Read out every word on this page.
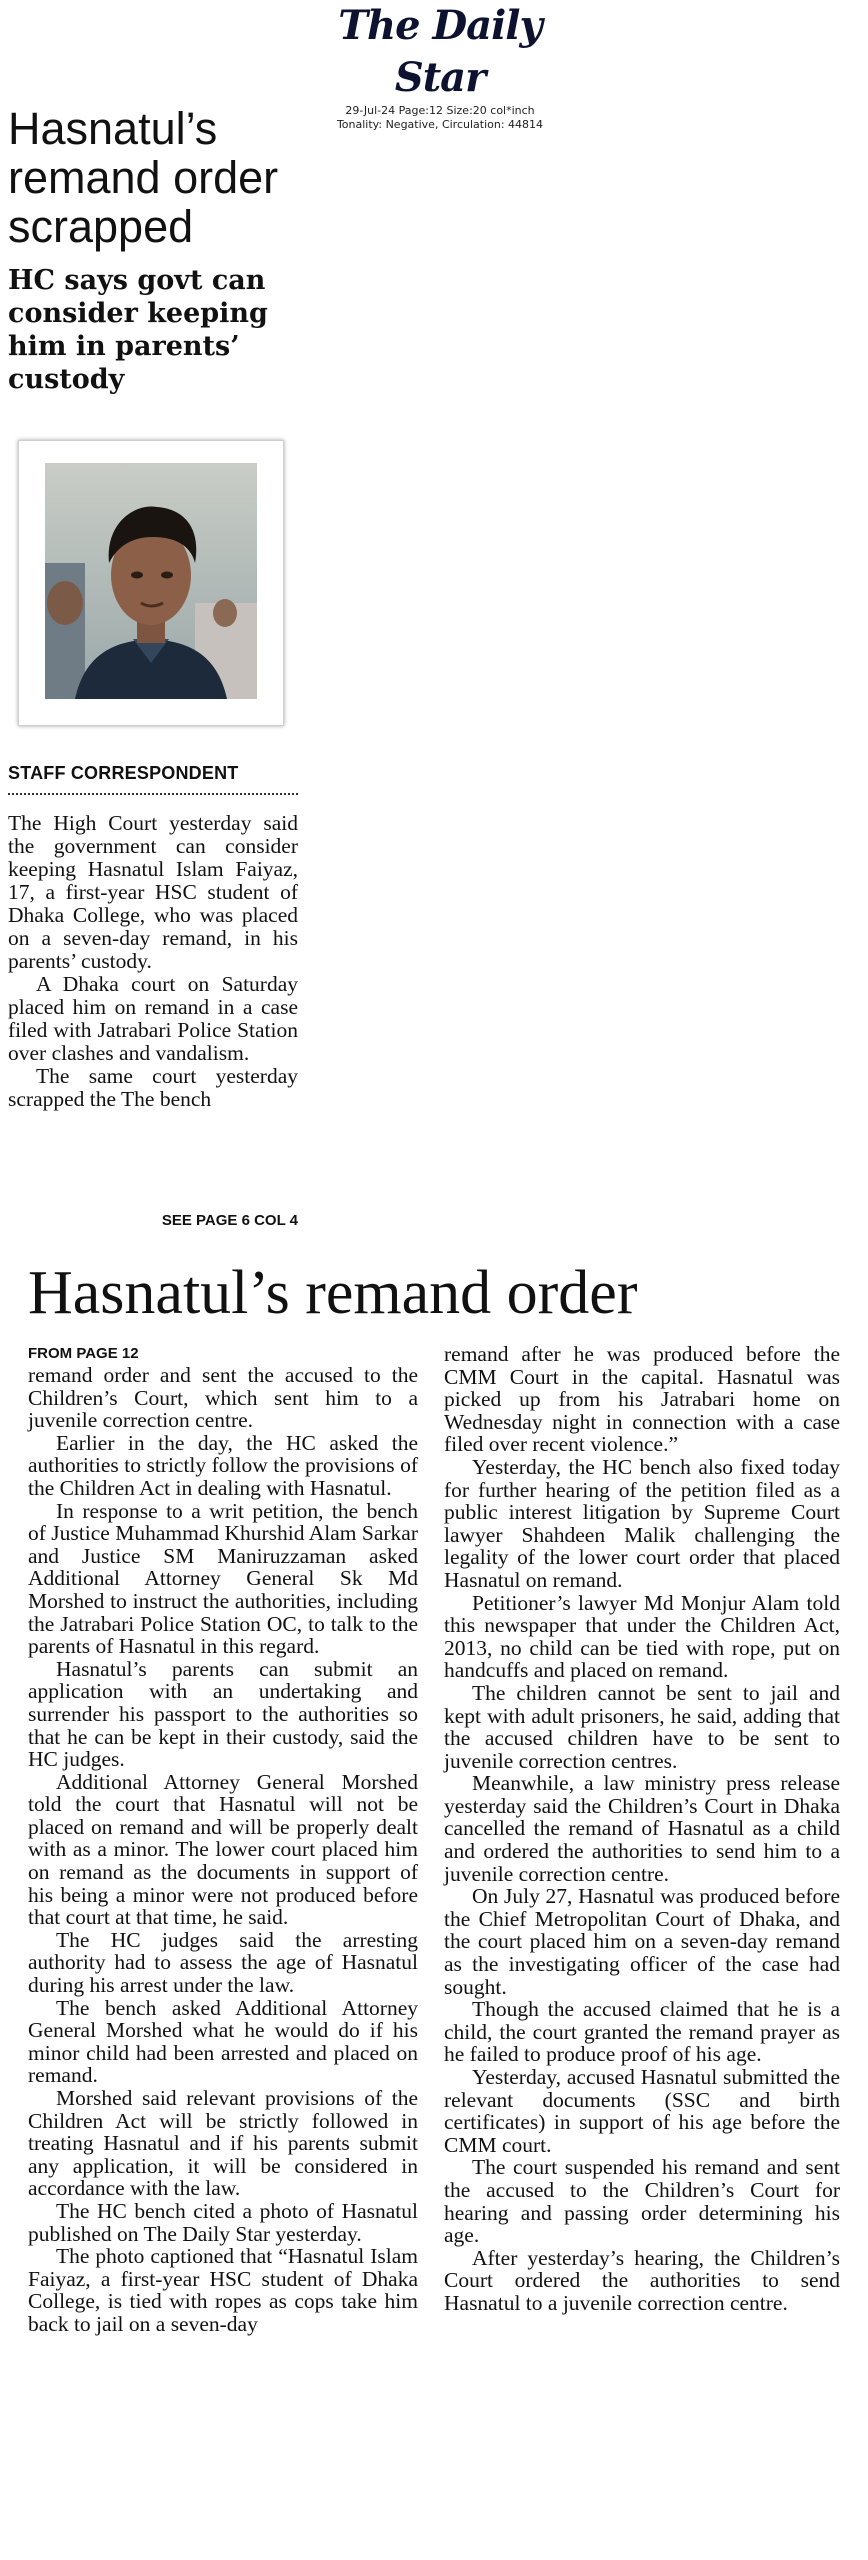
The Daily Star
29-Jul-24 Page:12 Size:20 col*inch
Tonality: Negative, Circulation: 44814
Hasnatul’s remand order scrapped
HC says govt can consider keeping him in parents’ custody
STAFF CORRESPONDENT

The High Court yesterday said the government can consider keeping Hasnatul Islam Faiyaz, 17, a first-year HSC student of Dhaka College, who was placed on a seven-day remand, in his parents’ custody.

A Dhaka court on Saturday placed him on remand in a case filed with Jatrabari Police Station over clashes and vandalism.

The same court yesterday scrapped the The bench

SEE PAGE 6 COL 4
Hasnatul’s remand order
FROM PAGE 12

remand order and sent the accused to the Children’s Court, which sent him to a juvenile correction centre.

Earlier in the day, the HC asked the authorities to strictly follow the provisions of the Children Act in dealing with Hasnatul.

In response to a writ petition, the bench of Justice Muhammad Khurshid Alam Sarkar and Justice SM Maniruzzaman asked Additional Attorney General Sk Md Morshed to instruct the authorities, including the Jatrabari Police Station OC, to talk to the parents of Hasnatul in this regard.

Hasnatul’s parents can submit an application with an undertaking and surrender his passport to the authorities so that he can be kept in their custody, said the HC judges.

Additional Attorney General Morshed told the court that Hasnatul will not be placed on remand and will be properly dealt with as a minor. The lower court placed him on remand as the documents in support of his being a minor were not produced before that court at that time, he said.

The HC judges said the arresting authority had to assess the age of Hasnatul during his arrest under the law.

The bench asked Additional Attorney General Morshed what he would do if his minor child had been arrested and placed on remand.

Morshed said relevant provisions of the Children Act will be strictly followed in treating Hasnatul and if his parents submit any application, it will be considered in accordance with the law.

The HC bench cited a photo of Hasnatul published on The Daily Star yesterday.

The photo captioned that “Hasnatul Islam Faiyaz, a first-year HSC student of Dhaka College, is tied with ropes as cops take him back to jail on a seven-day

remand after he was produced before the CMM Court in the capital. Hasnatul was picked up from his Jatrabari home on Wednesday night in connection with a case filed over recent violence.”

Yesterday, the HC bench also fixed today for further hearing of the petition filed as a public interest litigation by Supreme Court lawyer Shahdeen Malik challenging the legality of the lower court order that placed Hasnatul on remand.

Petitioner’s lawyer Md Monjur Alam told this newspaper that under the Children Act, 2013, no child can be tied with rope, put on handcuffs and placed on remand.

The children cannot be sent to jail and kept with adult prisoners, he said, adding that the accused children have to be sent to juvenile correction centres.

Meanwhile, a law ministry press release yesterday said the Children’s Court in Dhaka cancelled the remand of Hasnatul as a child and ordered the authorities to send him to a juvenile correction centre.

On July 27, Hasnatul was produced before the Chief Metropolitan Court of Dhaka, and the court placed him on a seven-day remand as the investigating officer of the case had sought.

Though the accused claimed that he is a child, the court granted the remand prayer as he failed to produce proof of his age.

Yesterday, accused Hasnatul submitted the relevant documents (SSC and birth certificates) in support of his age before the CMM court.

The court suspended his remand and sent the accused to the Children’s Court for hearing and passing order determining his age.

After yesterday’s hearing, the Children’s Court ordered the authorities to send Hasnatul to a juvenile correction centre.
